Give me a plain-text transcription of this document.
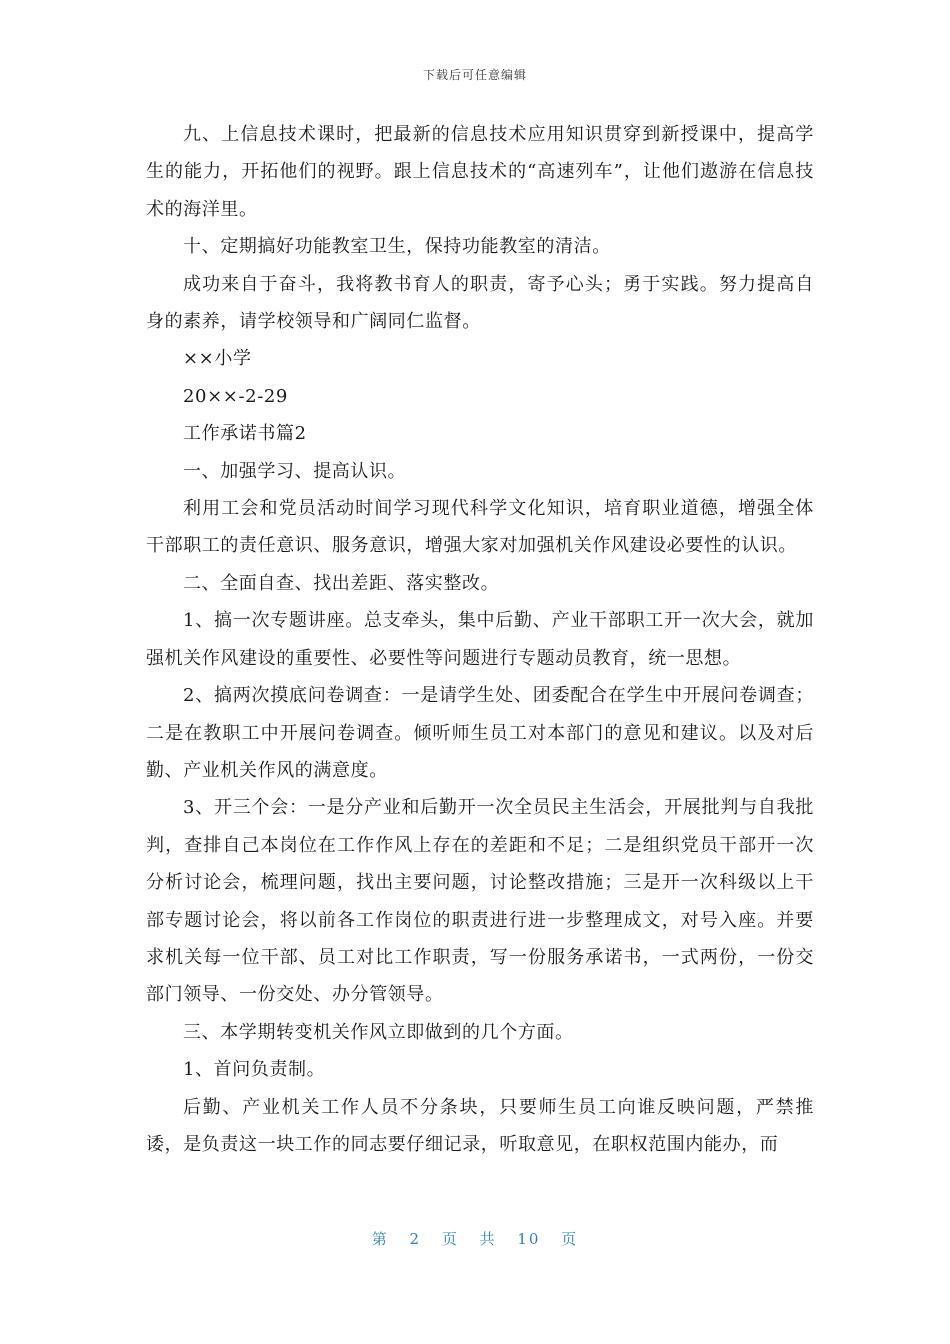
下载后可任意编辑

九、上信息技术课时，把最新的信息技术应用知识贯穿到新授课中，提高学生的能力，开拓他们的视野。跟上信息技术的“高速列车”，让他们遨游在信息技术的海洋里。

十、定期搞好功能教室卫生，保持功能教室的清洁。

成功来自于奋斗，我将教书育人的职责，寄予心头；勇于实践。努力提高自身的素养，请学校领导和广阔同仁监督。

××小学

20××-2-29

工作承诺书篇2

一、加强学习、提高认识。

利用工会和党员活动时间学习现代科学文化知识，培育职业道德，增强全体干部职工的责任意识、服务意识，增强大家对加强机关作风建设必要性的认识。

二、全面自查、找出差距、落实整改。

1、搞一次专题讲座。总支牵头，集中后勤、产业干部职工开一次大会，就加强机关作风建设的重要性、必要性等问题进行专题动员教育，统一思想。

2、搞两次摸底问卷调查：一是请学生处、团委配合在学生中开展问卷调查；二是在教职工中开展问卷调查。倾听师生员工对本部门的意见和建议。以及对后勤、产业机关作风的满意度。

3、开三个会：一是分产业和后勤开一次全员民主生活会，开展批判与自我批判，查排自己本岗位在工作作风上存在的差距和不足；二是组织党员干部开一次分析讨论会，梳理问题，找出主要问题，讨论整改措施；三是开一次科级以上干部专题讨论会，将以前各工作岗位的职责进行进一步整理成文，对号入座。并要求机关每一位干部、员工对比工作职责，写一份服务承诺书，一式两份，一份交部门领导、一份交处、办分管领导。

三、本学期转变机关作风立即做到的几个方面。

1、首问负责制。

后勤、产业机关工作人员不分条块，只要师生员工向谁反映问题，严禁推诿，是负责这一块工作的同志要仔细记录，听取意见，在职权范围内能办，而

第 2 页 共 10 页
